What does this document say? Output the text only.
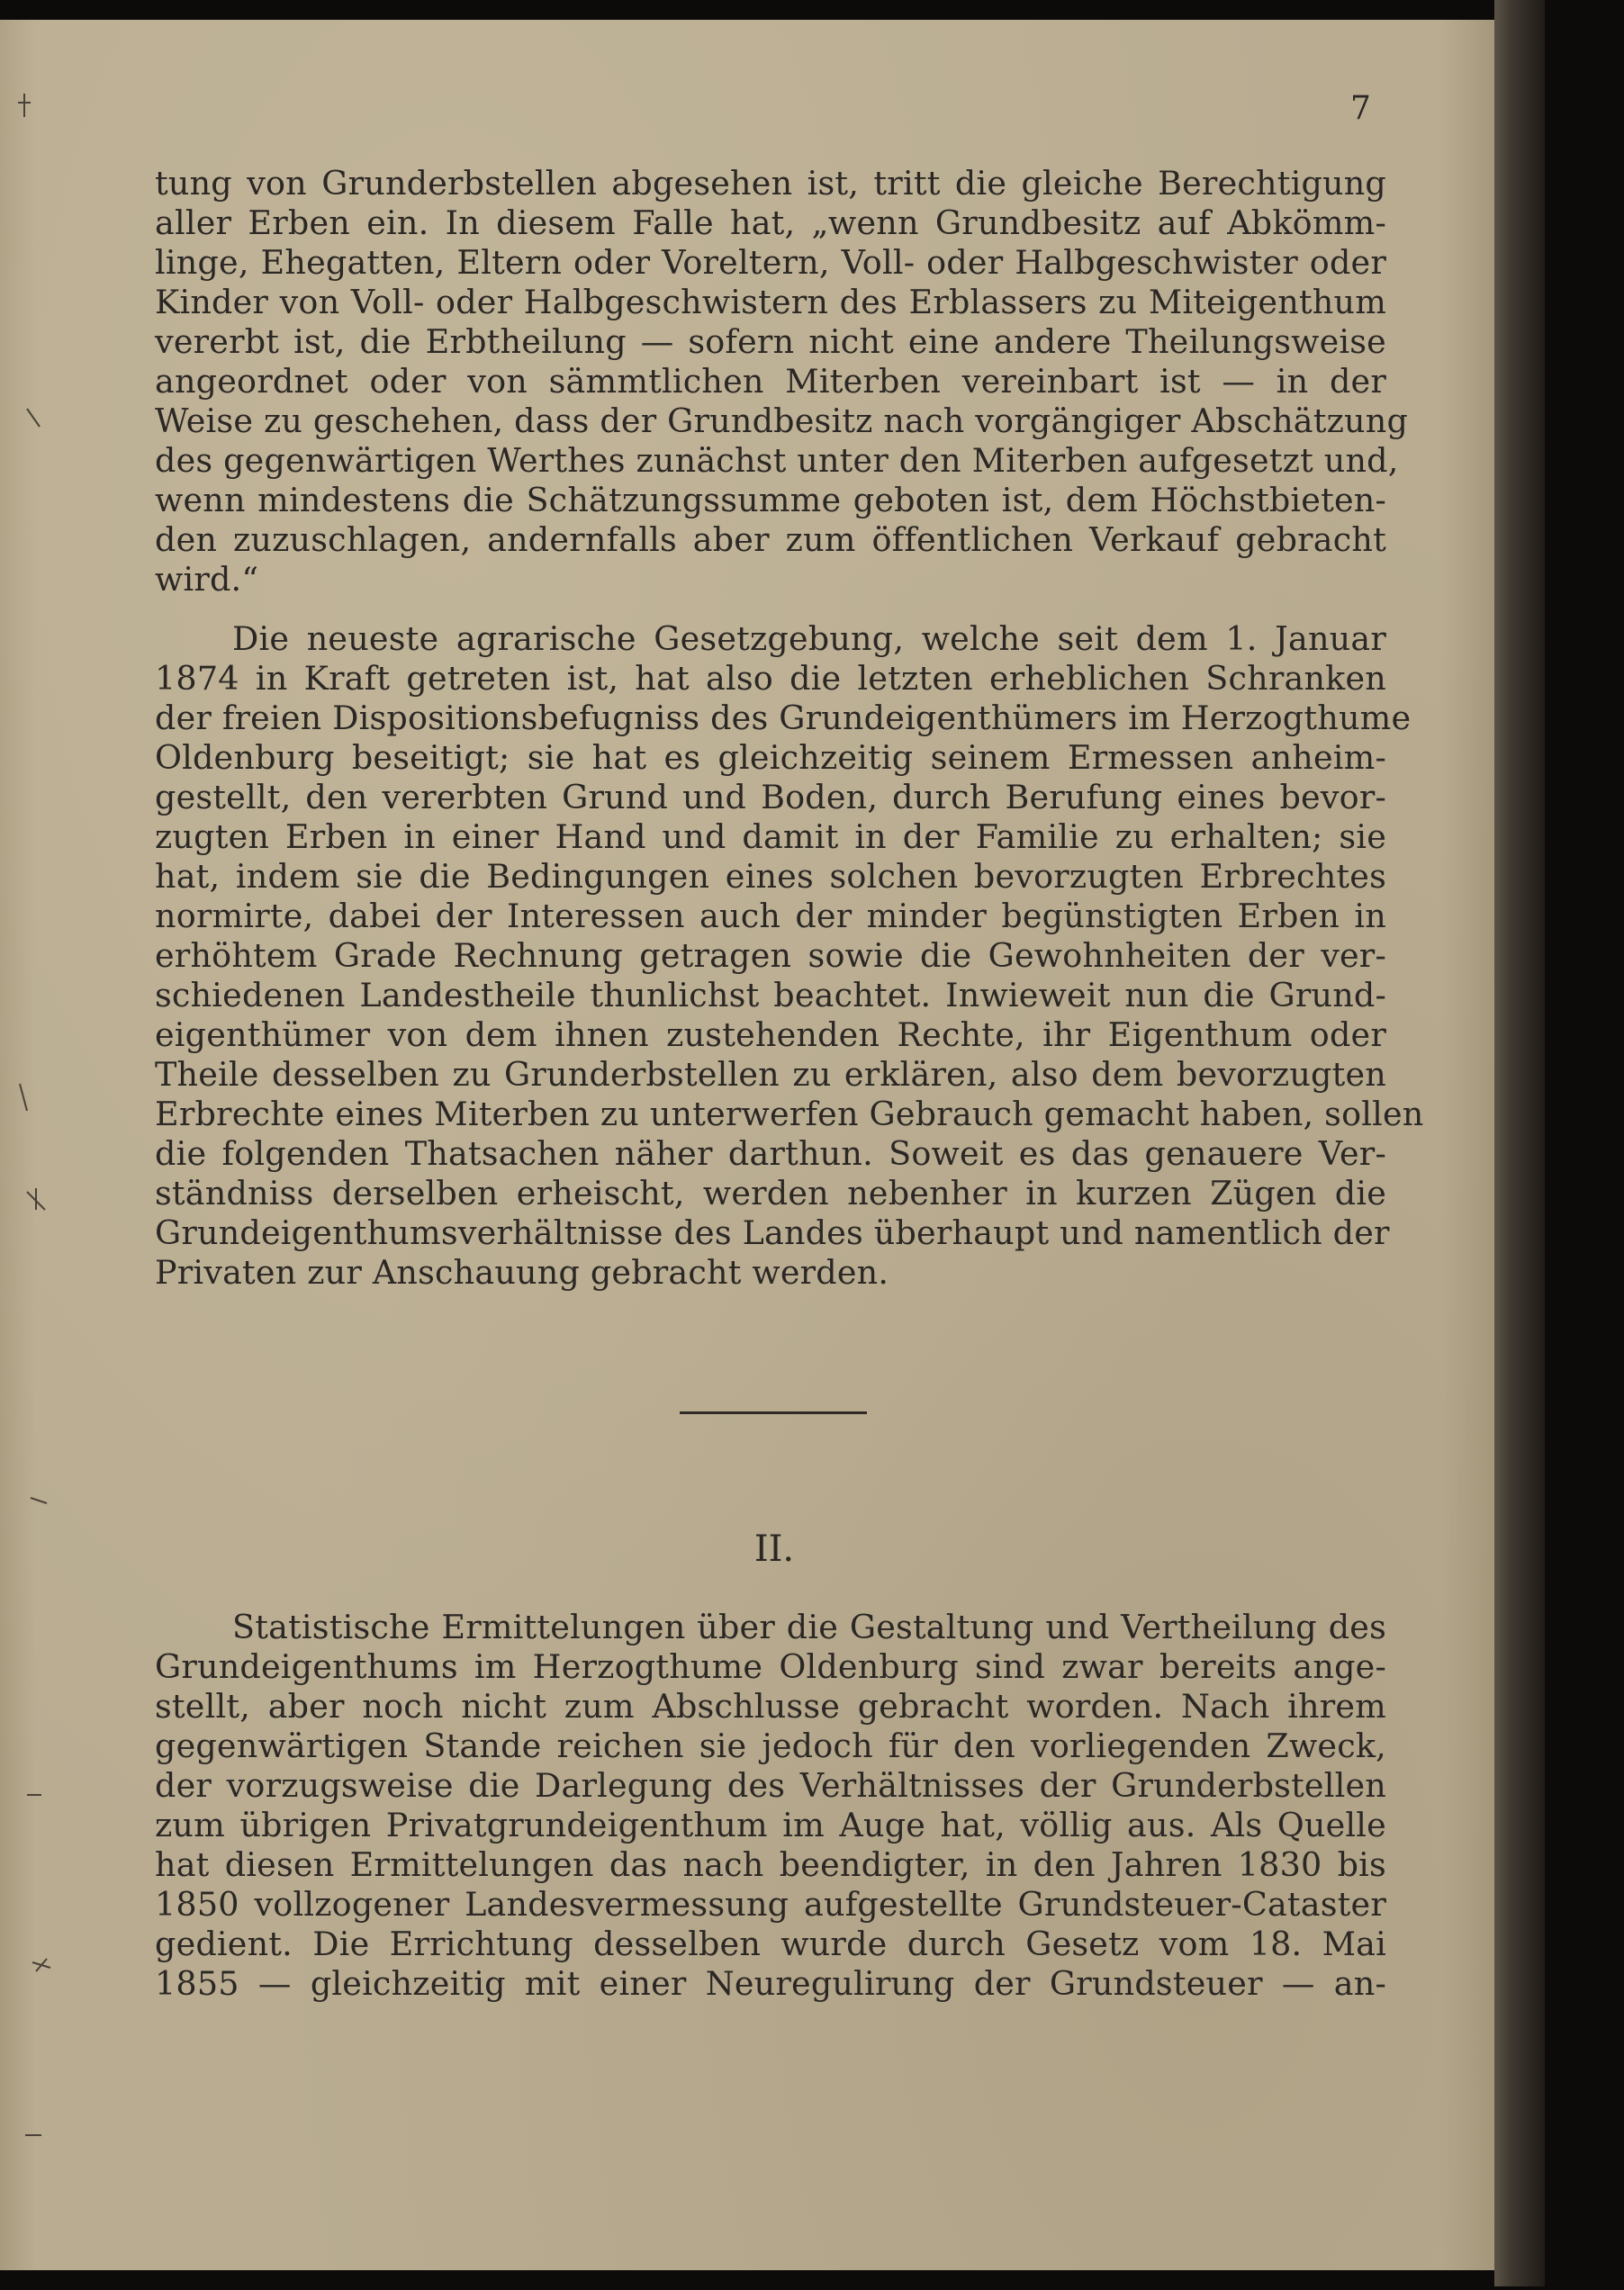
7
tung von Grunderbstellen abgesehen ist, tritt die gleiche Berechtigung
aller Erben ein. In diesem Falle hat, „wenn Grundbesitz auf Abkömm-
linge, Ehegatten, Eltern oder Voreltern, Voll- oder Halbgeschwister oder
Kinder von Voll- oder Halbgeschwistern des Erblassers zu Miteigenthum
vererbt ist, die Erbtheilung — sofern nicht eine andere Theilungsweise
angeordnet oder von sämmtlichen Miterben vereinbart ist — in der
Weise zu geschehen, dass der Grundbesitz nach vorgängiger Abschätzung
des gegenwärtigen Werthes zunächst unter den Miterben aufgesetzt und,
wenn mindestens die Schätzungssumme geboten ist, dem Höchstbieten-
den zuzuschlagen, andernfalls aber zum öffentlichen Verkauf gebracht
wird.“
Die neueste agrarische Gesetzgebung, welche seit dem 1. Januar
1874 in Kraft getreten ist, hat also die letzten erheblichen Schranken
der freien Dispositionsbefugniss des Grundeigenthümers im Herzogthume
Oldenburg beseitigt; sie hat es gleichzeitig seinem Ermessen anheim-
gestellt, den vererbten Grund und Boden, durch Berufung eines bevor-
zugten Erben in einer Hand und damit in der Familie zu erhalten; sie
hat, indem sie die Bedingungen eines solchen bevorzugten Erbrechtes
normirte, dabei der Interessen auch der minder begünstigten Erben in
erhöhtem Grade Rechnung getragen sowie die Gewohnheiten der ver-
schiedenen Landestheile thunlichst beachtet. Inwieweit nun die Grund-
eigenthümer von dem ihnen zustehenden Rechte, ihr Eigenthum oder
Theile desselben zu Grunderbstellen zu erklären, also dem bevorzugten
Erbrechte eines Miterben zu unterwerfen Gebrauch gemacht haben, sollen
die folgenden Thatsachen näher darthun. Soweit es das genauere Ver-
ständniss derselben erheischt, werden nebenher in kurzen Zügen die
Grundeigenthumsverhältnisse des Landes überhaupt und namentlich der
Privaten zur Anschauung gebracht werden.
II.
Statistische Ermittelungen über die Gestaltung und Vertheilung des
Grundeigenthums im Herzogthume Oldenburg sind zwar bereits ange-
stellt, aber noch nicht zum Abschlusse gebracht worden. Nach ihrem
gegenwärtigen Stande reichen sie jedoch für den vorliegenden Zweck,
der vorzugsweise die Darlegung des Verhältnisses der Grunderbstellen
zum übrigen Privatgrundeigenthum im Auge hat, völlig aus. Als Quelle
hat diesen Ermittelungen das nach beendigter, in den Jahren 1830 bis
1850 vollzogener Landesvermessung aufgestellte Grundsteuer-Cataster
gedient. Die Errichtung desselben wurde durch Gesetz vom 18. Mai
1855 — gleichzeitig mit einer Neuregulirung der Grundsteuer — an-
